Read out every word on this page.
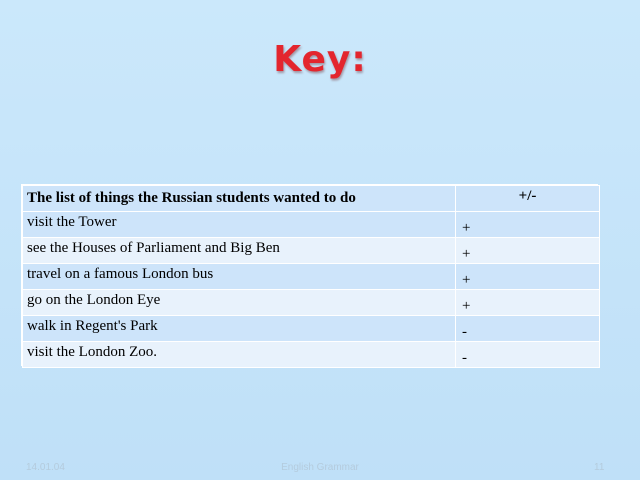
Key:
The list of things the Russian students wanted to do	+/-
visit the Tower	+
see the Houses of Parliament and Big Ben	+
travel on a famous London bus	+
go on the London Eye	+
walk in Regent's Park	-
visit the London Zoo.	-
14.01.04	English Grammar	11
